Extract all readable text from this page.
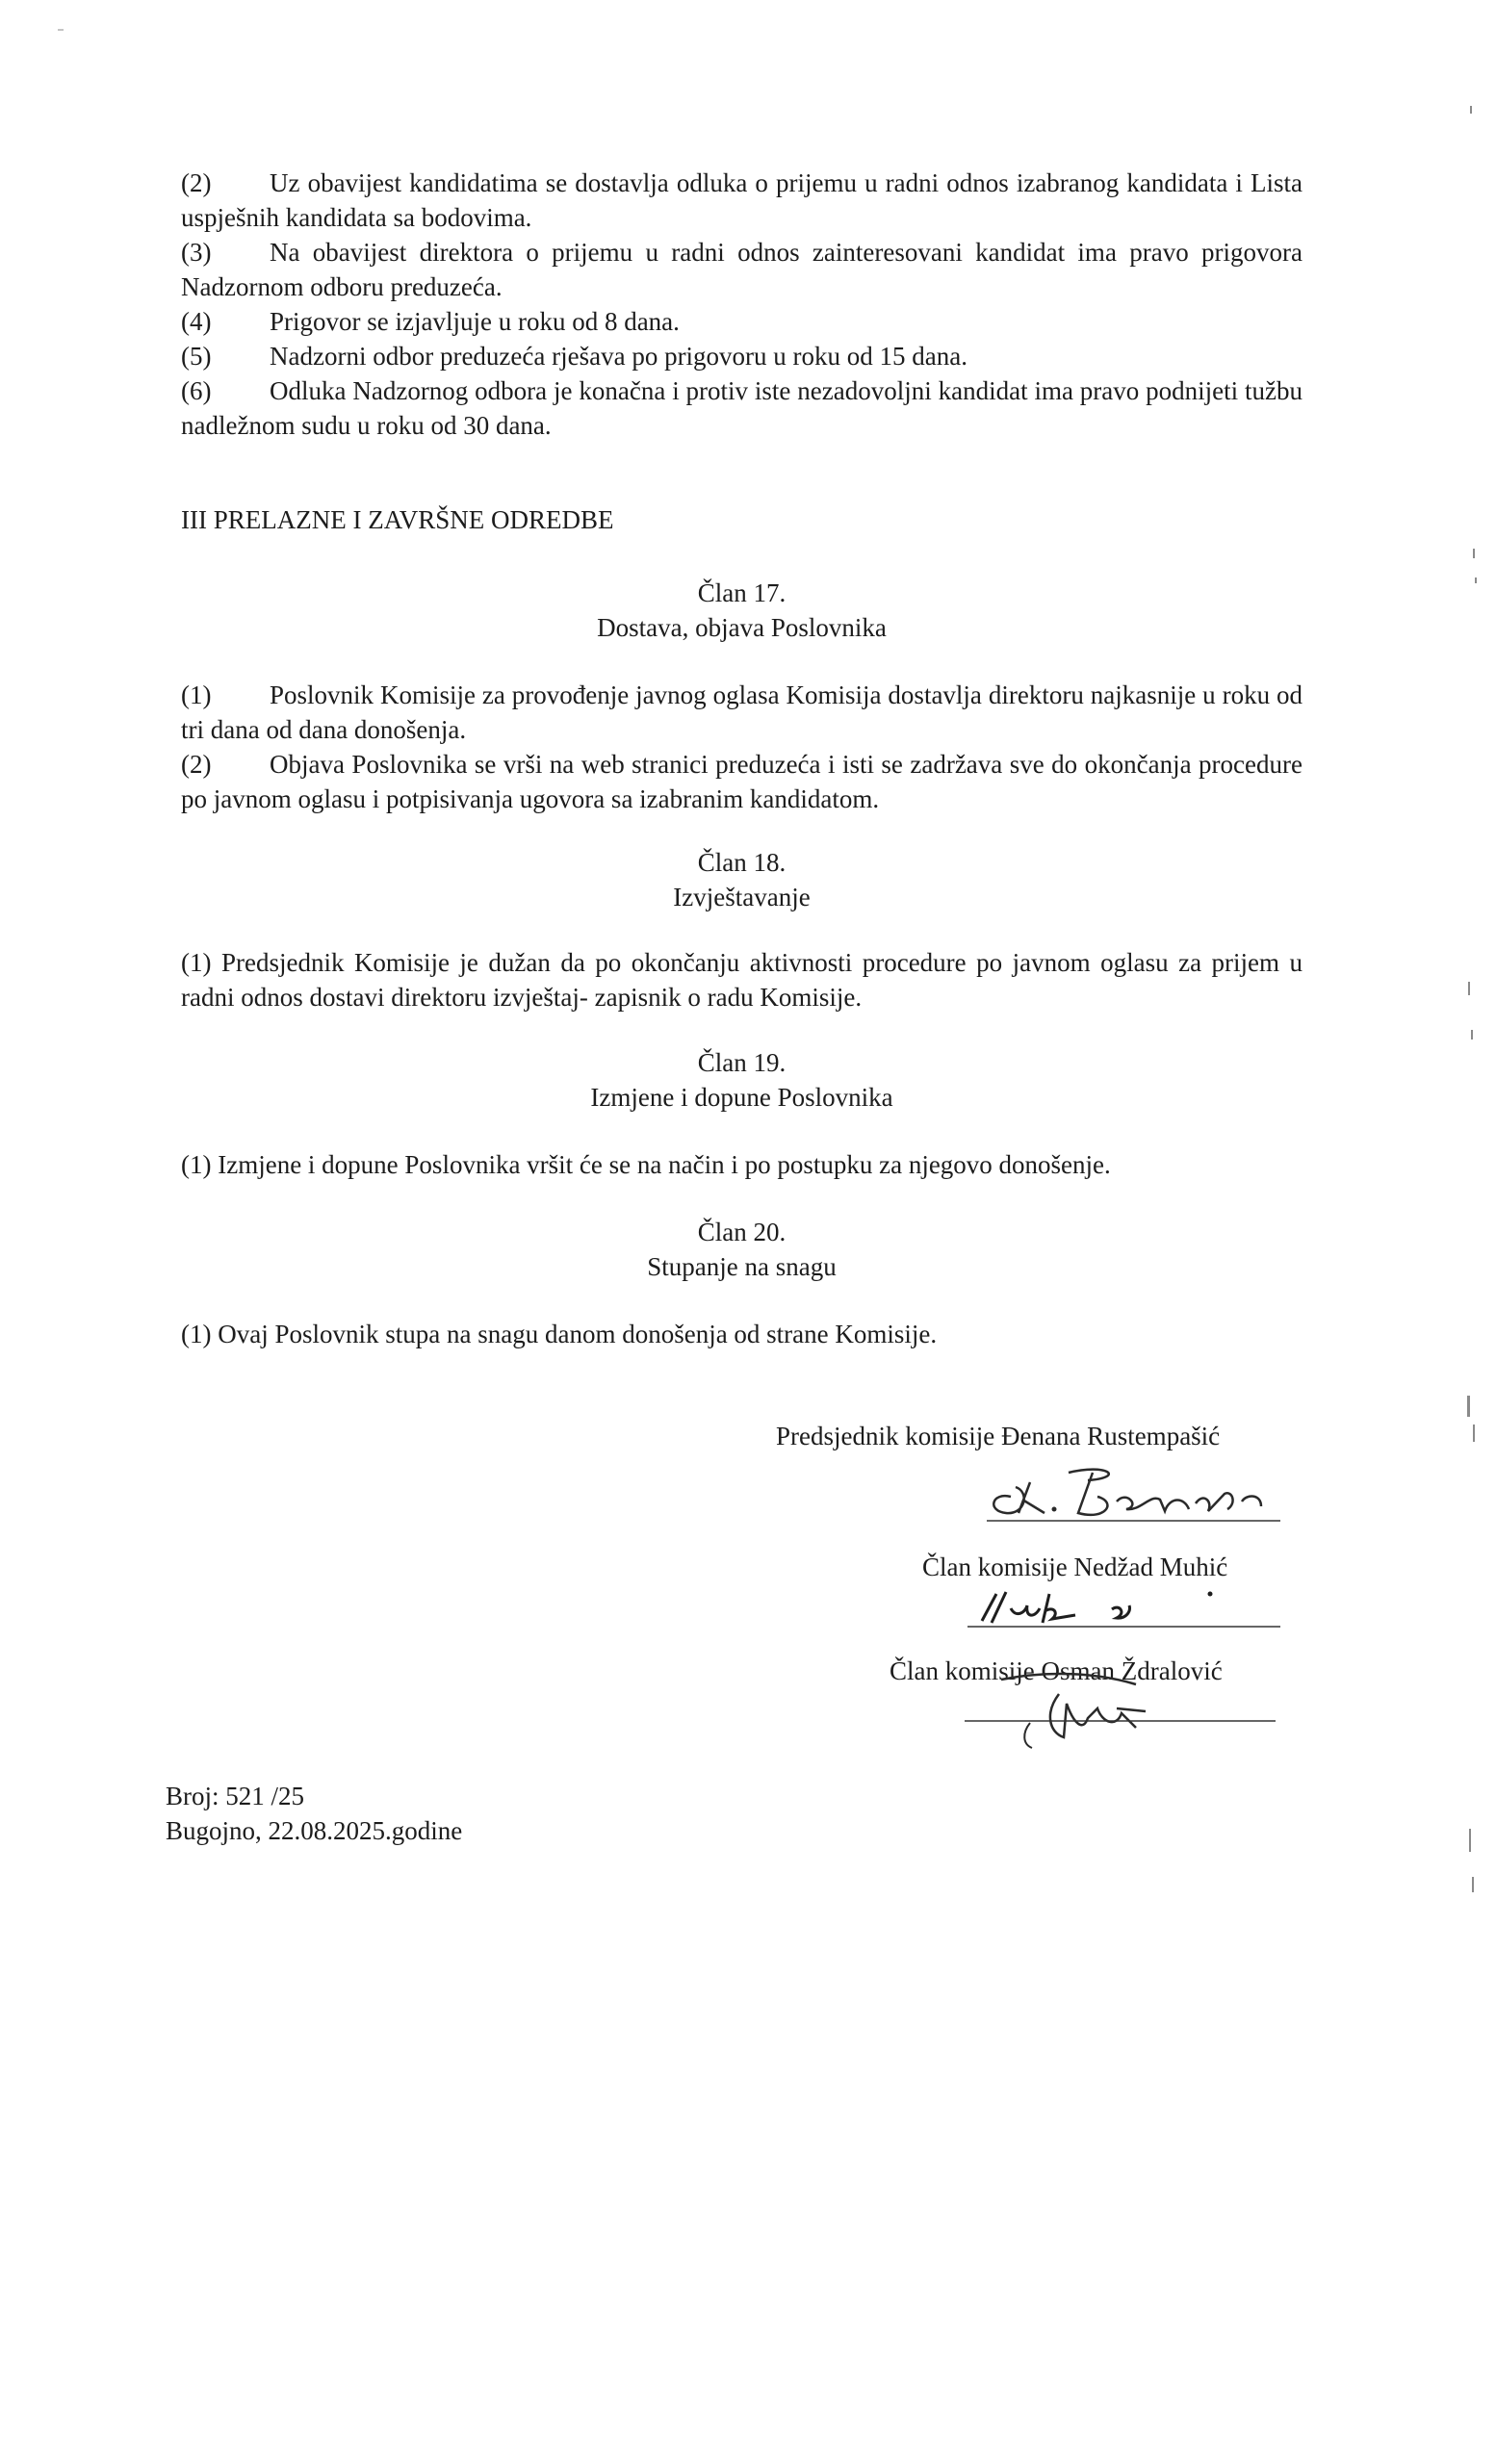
(2) Uz obavijest kandidatima se dostavlja odluka o prijemu u radni odnos izabranog kandidata i Lista uspješnih kandidata sa bodovima.
(3) Na obavijest direktora o prijemu u radni odnos zainteresovani kandidat ima pravo prigovora Nadzornom odboru preduzeća.
(4) Prigovor se izjavljuje u roku od 8 dana.
(5) Nadzorni odbor preduzeća rješava po prigovoru u roku od 15 dana.
(6) Odluka Nadzornog odbora je konačna i protiv iste nezadovoljni kandidat ima pravo podnijeti tužbu nadležnom sudu u roku od 30 dana.
III PRELAZNE I ZAVRŠNE ODREDBE
Član 17.
Dostava, objava Poslovnika
(1) Poslovnik Komisije za provođenje javnog oglasa Komisija dostavlja direktoru najkasnije u roku od tri dana od dana donošenja.
(2) Objava Poslovnika se vrši na web stranici preduzeća i isti se zadržava sve do okončanja procedure po javnom oglasu i potpisivanja ugovora sa izabranim kandidatom.
Član 18.
Izvještavanje
(1) Predsjednik Komisije je dužan da po okončanju aktivnosti procedure po javnom oglasu za prijem u radni odnos dostavi direktoru izvještaj- zapisnik o radu Komisije.
Član 19.
Izmjene i dopune Poslovnika
(1) Izmjene i dopune Poslovnika vršit će se na način i po postupku za njegovo donošenje.
Član 20.
Stupanje na snagu
(1) Ovaj Poslovnik stupa na snagu danom donošenja od strane Komisije.
Predsjednik komisije Đenana Rustempašić
Član komisije Nedžad Muhić
Član komisije Osman Ždralović
Broj: 521 /25
Bugojno, 22.08.2025.godine
